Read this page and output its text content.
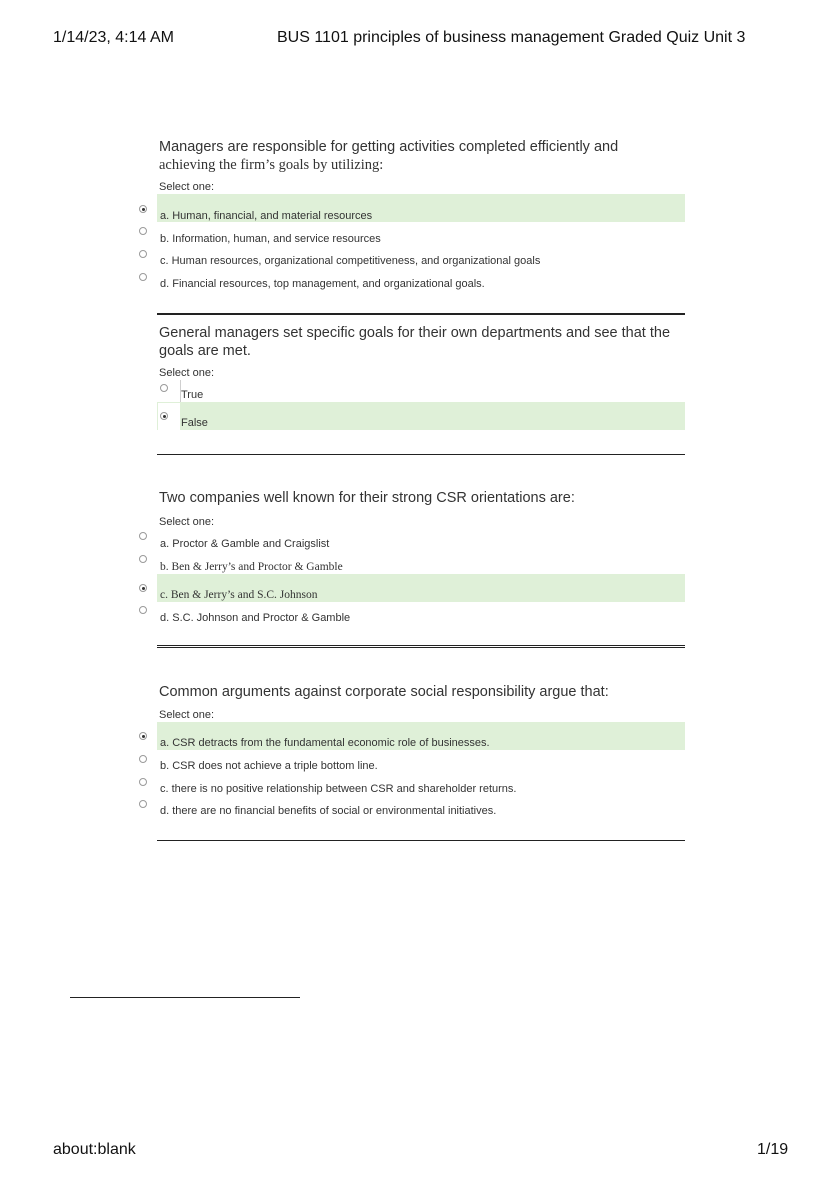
1/14/23, 4:14 AM	BUS 1101 principles of business management Graded Quiz Unit 3
Managers are responsible for getting activities completed efficiently and
achieving the firm’s goals by utilizing:
Select one:
a. Human, financial, and material resources
b. Information, human, and service resources
c. Human resources, organizational competitiveness, and organizational goals
d. Financial resources, top management, and organizational goals.
General managers set specific goals for their own departments and see that the
goals are met.
Select one:
True
False
Two companies well known for their strong CSR orientations are:
Select one:
a. Proctor & Gamble and Craigslist
b. Ben & Jerry’s and Proctor & Gamble
c. Ben & Jerry’s and S.C. Johnson
d. S.C. Johnson and Proctor & Gamble
Common arguments against corporate social responsibility argue that:
Select one:
a. CSR detracts from the fundamental economic role of businesses.
b. CSR does not achieve a triple bottom line.
c. there is no positive relationship between CSR and shareholder returns.
d. there are no financial benefits of social or environmental initiatives.
about:blank	1/19
